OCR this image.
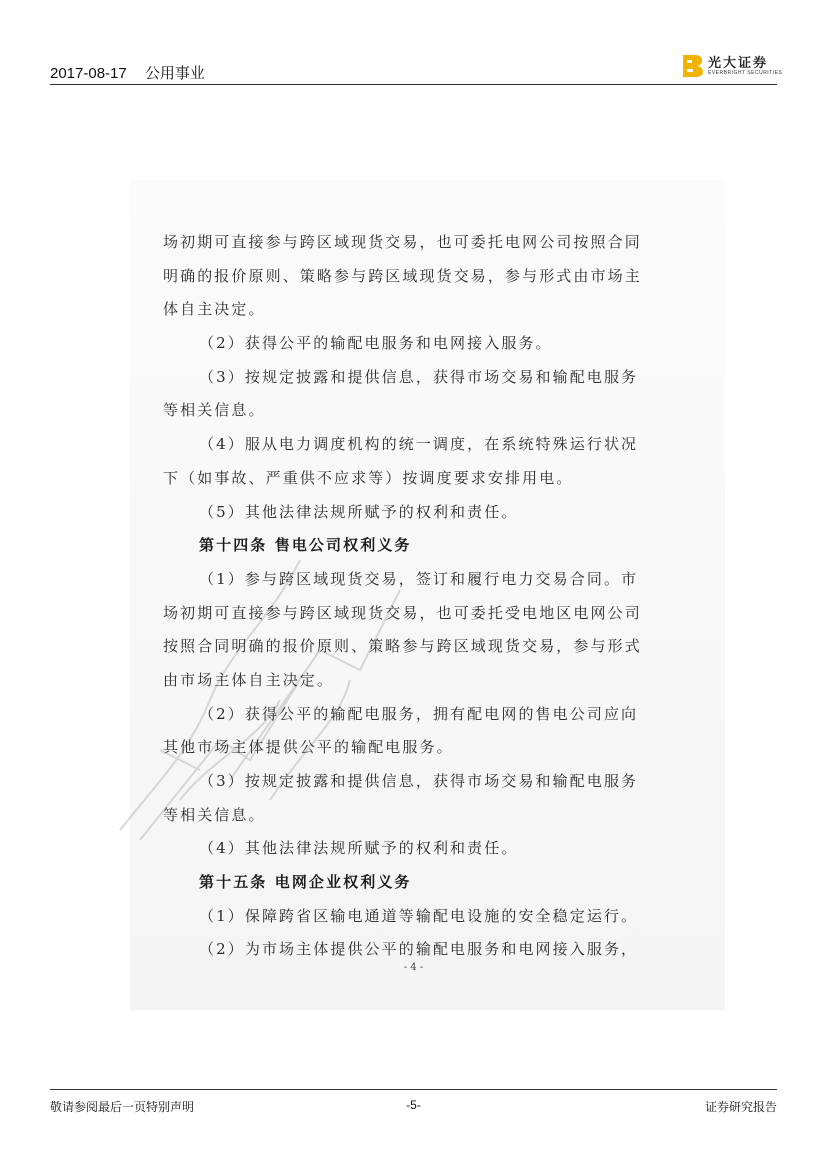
2017-08-17 公用事业
光大证券
EVERBRIGHT SECURITIES
场初期可直接参与跨区域现货交易，也可委托电网公司按照合同
明确的报价原则、策略参与跨区域现货交易，参与形式由市场主
体自主决定。
（2）获得公平的输配电服务和电网接入服务。
（3）按规定披露和提供信息，获得市场交易和输配电服务
等相关信息。
（4）服从电力调度机构的统一调度，在系统特殊运行状况
下（如事故、严重供不应求等）按调度要求安排用电。
（5）其他法律法规所赋予的权利和责任。
第十四条 售电公司权利义务
（1）参与跨区域现货交易，签订和履行电力交易合同。市
场初期可直接参与跨区域现货交易，也可委托受电地区电网公司
按照合同明确的报价原则、策略参与跨区域现货交易，参与形式
由市场主体自主决定。
（2）获得公平的输配电服务，拥有配电网的售电公司应向
其他市场主体提供公平的输配电服务。
（3）按规定披露和提供信息，获得市场交易和输配电服务
等相关信息。
（4）其他法律法规所赋予的权利和责任。
第十五条 电网企业权利义务
（1）保障跨省区输电通道等输配电设施的安全稳定运行。
（2）为市场主体提供公平的输配电服务和电网接入服务，
- 4 -
敬请参阅最后一页特别声明	-5-	证券研究报告
